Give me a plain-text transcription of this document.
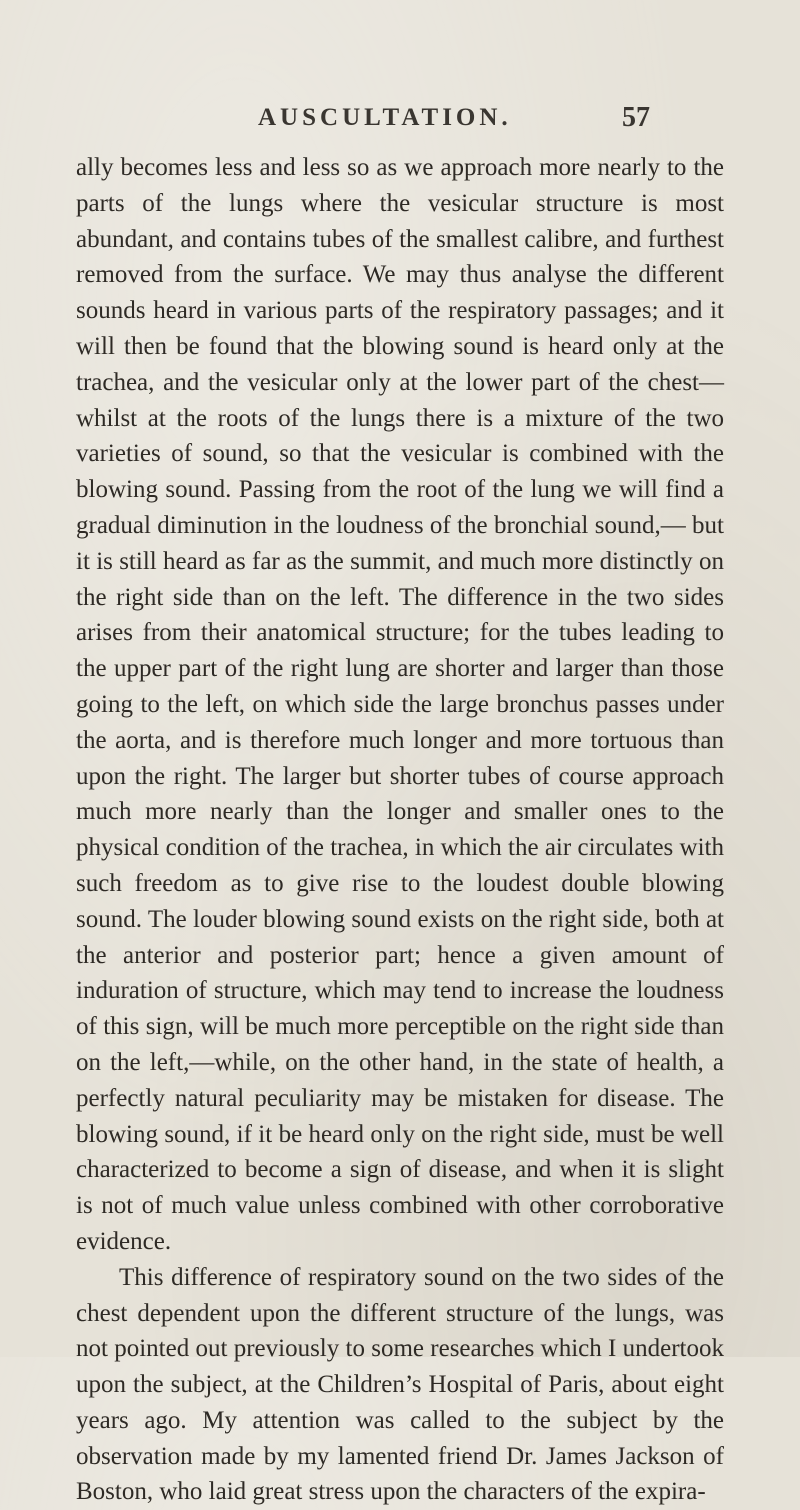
AUSCULTATION.	57

ally becomes less and less so as we approach more nearly to the parts of the lungs where the vesicular structure is most abundant, and contains tubes of the smallest calibre, and furthest removed from the surface. We may thus analyse the different sounds heard in various parts of the respiratory passages; and it will then be found that the blowing sound is heard only at the trachea, and the vesicular only at the lower part of the chest— whilst at the roots of the lungs there is a mixture of the two varieties of sound, so that the vesicular is combined with the blowing sound. Passing from the root of the lung we will find a gradual diminution in the loudness of the bronchial sound,— but it is still heard as far as the summit, and much more distinctly on the right side than on the left. The difference in the two sides arises from their anatomical structure; for the tubes leading to the upper part of the right lung are shorter and larger than those going to the left, on which side the large bronchus passes under the aorta, and is therefore much longer and more tortuous than upon the right. The larger but shorter tubes of course approach much more nearly than the longer and smaller ones to the physical condition of the trachea, in which the air circulates with such freedom as to give rise to the loudest double blowing sound. The louder blowing sound exists on the right side, both at the anterior and posterior part; hence a given amount of induration of structure, which may tend to increase the loudness of this sign, will be much more perceptible on the right side than on the left,—while, on the other hand, in the state of health, a perfectly natural peculiarity may be mistaken for disease. The blowing sound, if it be heard only on the right side, must be well characterized to become a sign of disease, and when it is slight is not of much value unless combined with other corroborative evidence.

This difference of respiratory sound on the two sides of the chest dependent upon the different structure of the lungs, was not pointed out previously to some researches which I undertook upon the subject, at the Children’s Hospital of Paris, about eight years ago. My attention was called to the subject by the observation made by my lamented friend Dr. James Jackson of Boston, who laid great stress upon the characters of the expira-
